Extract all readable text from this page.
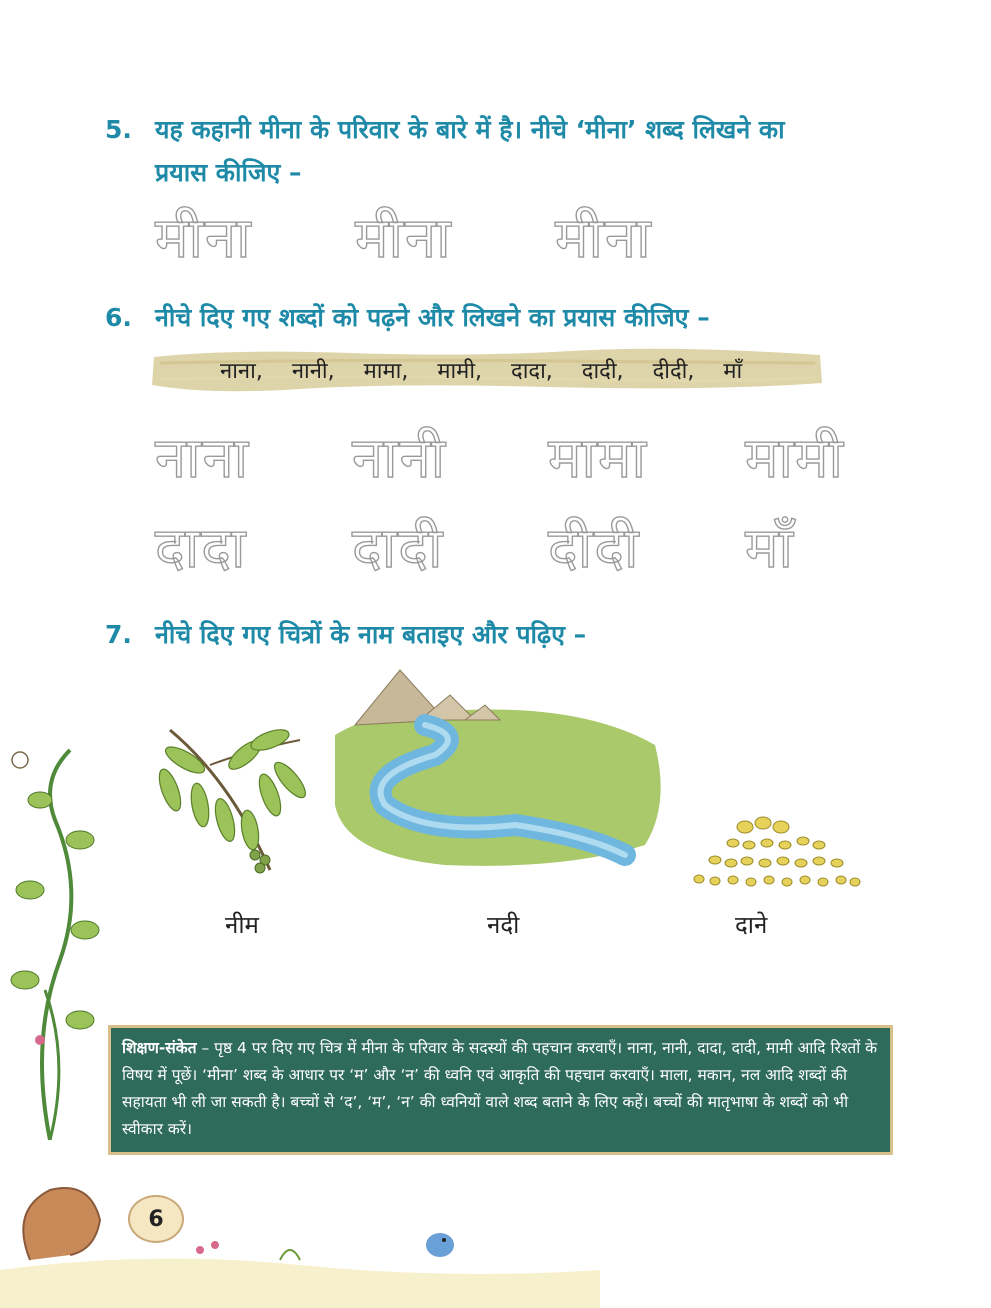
5. यह कहानी मीना के परिवार के बारे में है। नीचे ‘मीना’ शब्द लिखने का
प्रयास कीजिए –
मीना मीना मीना
6. नीचे दिए गए शब्दों को पढ़ने और लिखने का प्रयास कीजिए –
नाना, नानी, मामा, मामी, दादा, दादी, दीदी, माँ
नाना नानी मामा मामी
दादा दादी दीदी माँ
7. नीचे दिए गए चित्रों के नाम बताइए और पढ़िए –
नीम	नदी	दाने

शिक्षण-संकेत – पृष्ठ 4 पर दिए गए चित्र में मीना के परिवार के सदस्यों की पहचान करवाएँ। नाना, नानी, दादा, दादी, मामी आदि रिश्तों के विषय में पूछें। ‘मीना’ शब्द के आधार पर ‘म’ और ‘न’ की ध्वनि एवं आकृति की पहचान करवाएँ। माला, मकान, नल आदि शब्दों की सहायता भी ली जा सकती है। बच्चों से ‘द’, ‘म’, ‘न’ की ध्वनियों वाले शब्द बताने के लिए कहें। बच्चों की मातृभाषा के शब्दों को भी स्वीकार करें।

6
